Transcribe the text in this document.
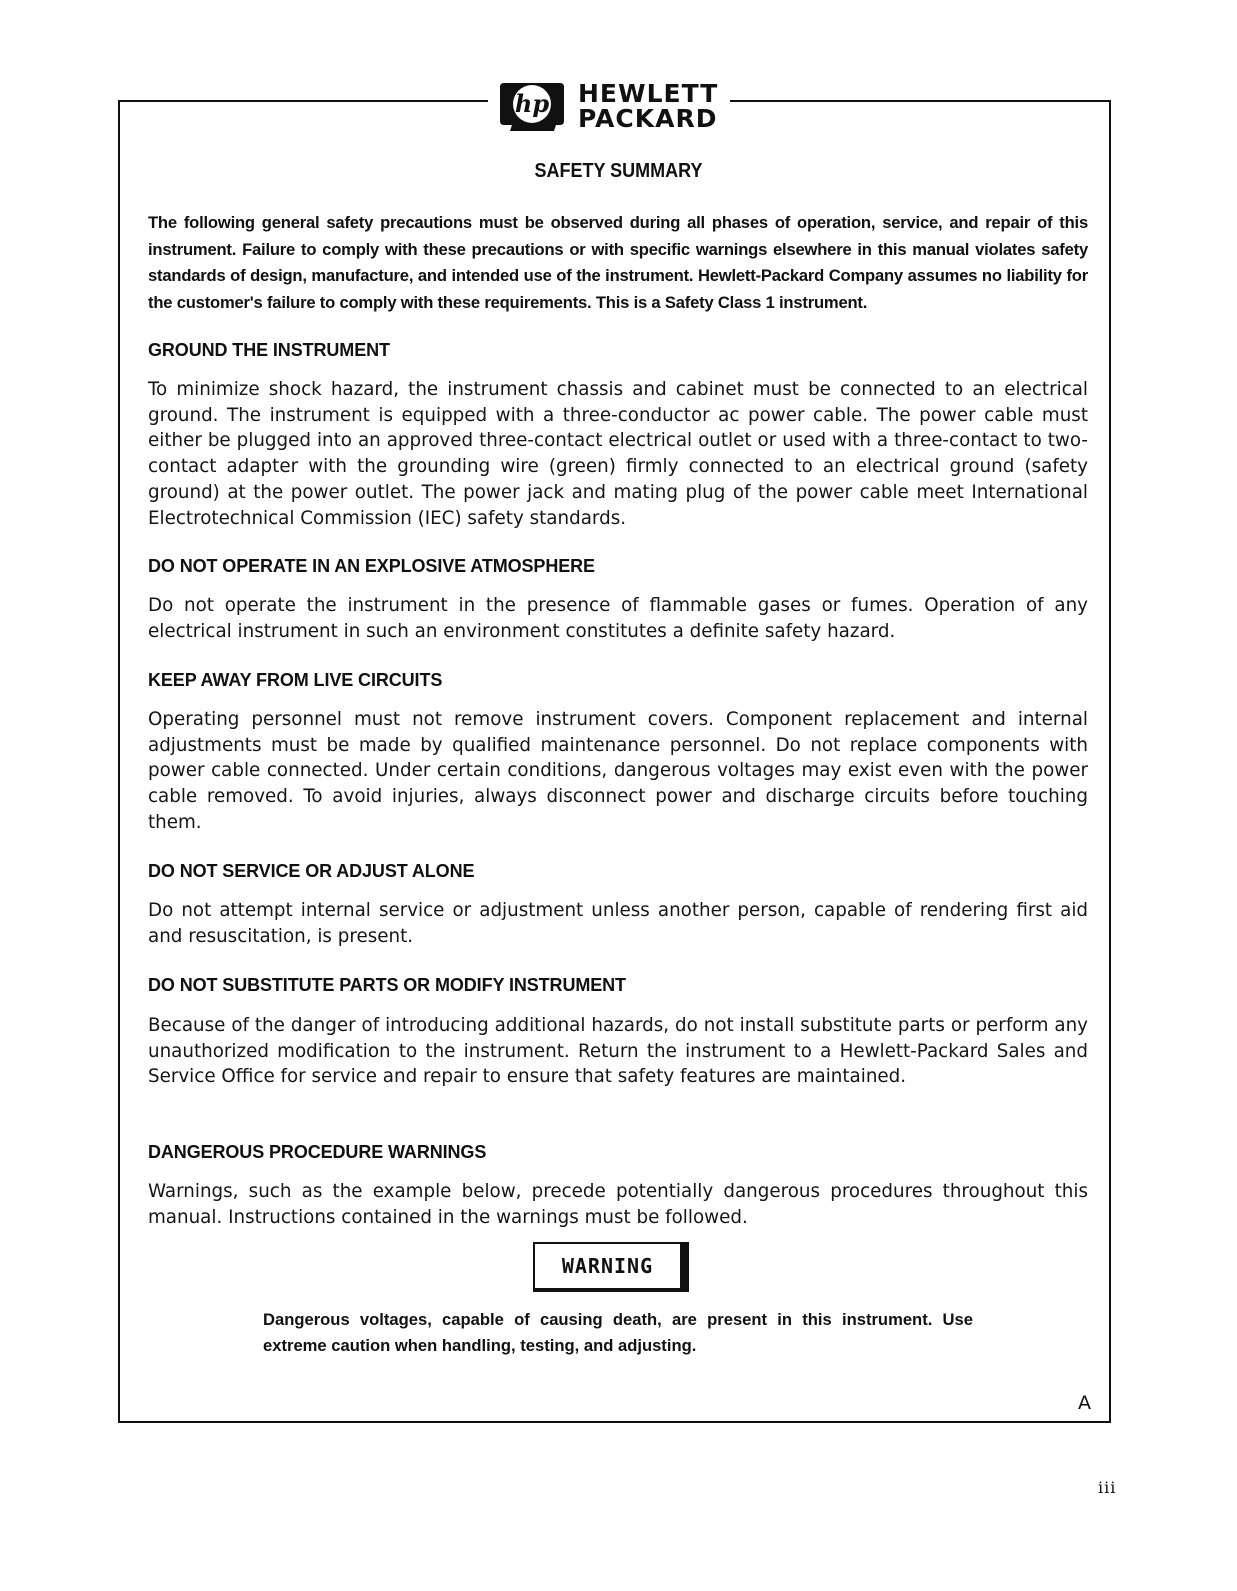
hp HEWLETT
PACKARD
SAFETY SUMMARY

The following general safety precautions must be observed during all phases of operation, service, and repair of this instrument. Failure to comply with these precautions or with specific warnings elsewhere in this manual violates safety standards of design, manufacture, and intended use of the instrument. Hewlett-Packard Company assumes no liability for the customer's failure to comply with these requirements. This is a Safety Class 1 instrument.

GROUND THE INSTRUMENT

To minimize shock hazard, the instrument chassis and cabinet must be connected to an electrical ground. The instrument is equipped with a three-conductor ac power cable. The power cable must either be plugged into an approved three-contact electrical outlet or used with a three-contact to two-contact adapter with the grounding wire (green) firmly connected to an electrical ground (safety ground) at the power outlet. The power jack and mating plug of the power cable meet International Electrotechnical Commission (IEC) safety standards.

DO NOT OPERATE IN AN EXPLOSIVE ATMOSPHERE

Do not operate the instrument in the presence of flammable gases or fumes. Operation of any electrical instrument in such an environment constitutes a definite safety hazard.

KEEP AWAY FROM LIVE CIRCUITS

Operating personnel must not remove instrument covers. Component replacement and internal adjustments must be made by qualified maintenance personnel. Do not replace components with power cable connected. Under certain conditions, dangerous voltages may exist even with the power cable removed. To avoid injuries, always disconnect power and discharge circuits before touching them.

DO NOT SERVICE OR ADJUST ALONE

Do not attempt internal service or adjustment unless another person, capable of rendering first aid and resuscitation, is present.

DO NOT SUBSTITUTE PARTS OR MODIFY INSTRUMENT

Because of the danger of introducing additional hazards, do not install substitute parts or perform any unauthorized modification to the instrument. Return the instrument to a Hewlett-Packard Sales and Service Office for service and repair to ensure that safety features are maintained.

DANGEROUS PROCEDURE WARNINGS

Warnings, such as the example below, precede potentially dangerous procedures throughout this manual. Instructions contained in the warnings must be followed.

WARNING

Dangerous voltages, capable of causing death, are present in this instrument. Use extreme caution when handling, testing, and adjusting.

A
iii
